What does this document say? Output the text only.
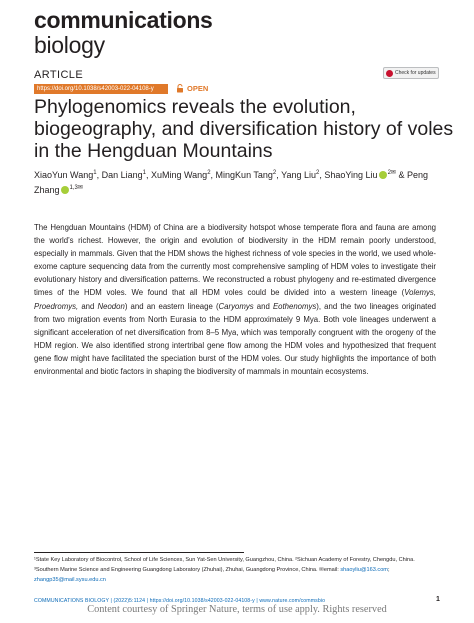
communications
biology
ARTICLE	Check for updates
https://doi.org/10.1038/s42003-022-04108-y	OPEN
Phylogenomics reveals the evolution, biogeography, and diversification history of voles in the Hengduan Mountains
XiaoYun Wang$^1$, Dan Liang$^1$, XuMing Wang$^2$, MingKun Tang$^2$, Yang Liu$^2$, ShaoYing Liu $^{2✉}$ & Peng Zhang $^{1,3✉}$

The Hengduan Mountains (HDM) of China are a biodiversity hotspot whose temperate flora and fauna are among the world’s richest. However, the origin and evolution of biodiversity in the HDM remain poorly understood, especially in mammals. Given that the HDM shows the highest richness of vole species in the world, we used whole-exome capture sequencing data from the currently most comprehensive sampling of HDM voles to investigate their evolutionary history and diversification patterns. We reconstructed a robust phylogeny and re-estimated divergence times of the HDM voles. We found that all HDM voles could be divided into a western lineage (Volemys, Proedromys, and Neodon) and an eastern lineage (Caryomys and Eothenomys), and the two lineages originated from two migration events from North Eurasia to the HDM approximately 9 Mya. Both vole lineages underwent a significant acceleration of net diversification from 8–5 Mya, which was temporally congruent with the orogeny of the HDM region. We also identified strong intertribal gene flow among the HDM voles and hypothesized that frequent gene flow might have facilitated the speciation burst of the HDM voles. Our study highlights the importance of both environmental and biotic factors in shaping the biodiversity of mammals in mountain ecosystems.

¹State Key Laboratory of Biocontrol, School of Life Sciences, Sun Yat-Sen University, Guangzhou, China. ²Sichuan Academy of Forestry, Chengdu, China.
³Southern Marine Science and Engineering Guangdong Laboratory (Zhuhai), Zhuhai, Guangdong Province, China. ✉email: shaoyliu@163.com; zhangp35@mail.sysu.edu.cn
COMMUNICATIONS BIOLOGY | (2022)5:1124 | https://doi.org/10.1038/s42003-022-04108-y | www.nature.com/commsbio	1
Content courtesy of Springer Nature, terms of use apply. Rights reserved
